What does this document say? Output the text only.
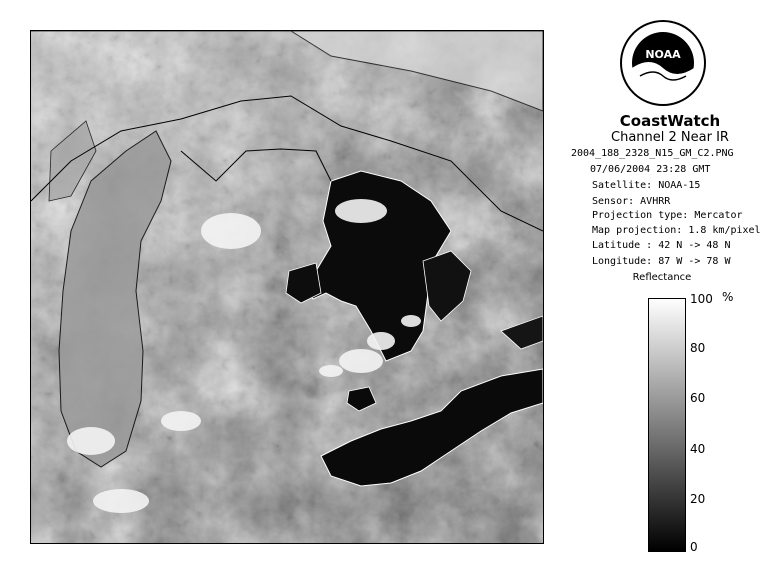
NOAA
CoastWatch
Channel 2 Near IR
2004_188_2328_N15_GM_C2.PNG
07/06/2004 23:28 GMT
Satellite: NOAA-15
Sensor: AVHRR
Projection type: Mercator
Map projection: 1.8 km/pixel
Latitude : 42 N -> 48 N
Longitude: 87 W -> 78 W
Reflectance
%
100
80
60
40
20
0
